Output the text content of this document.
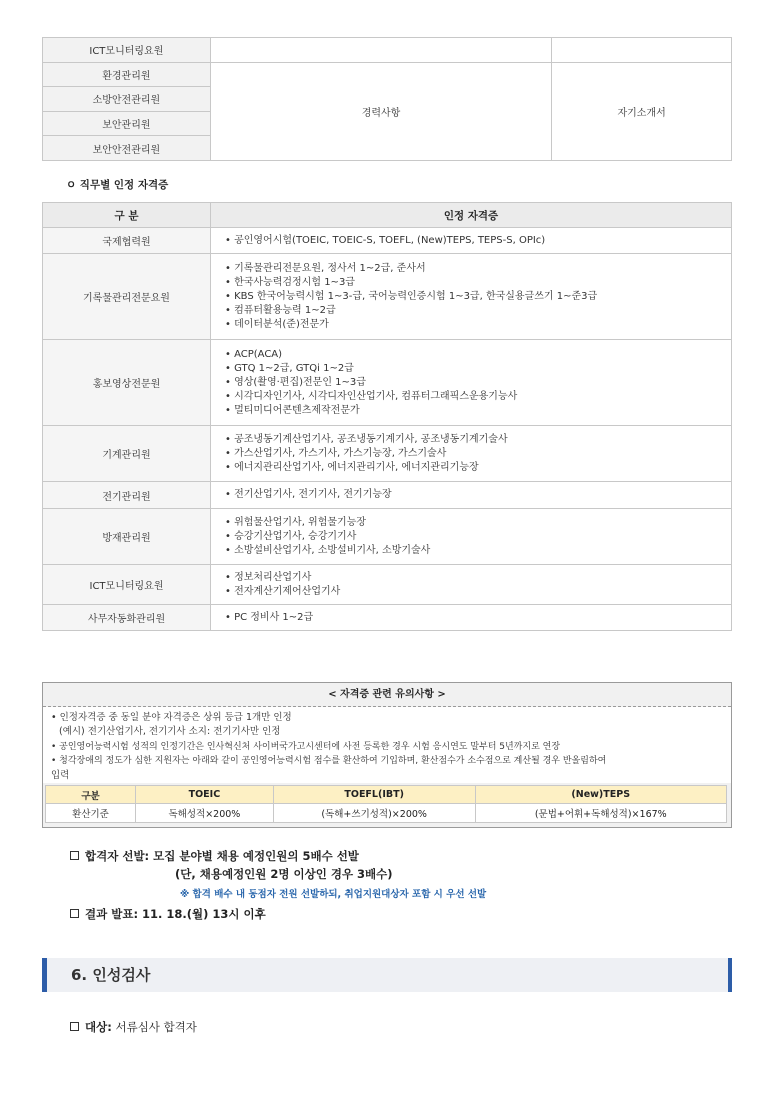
ICT모니터링요원		
환경관리원	경력사항	자기소개서
소방안전관리원		
보안관리원		
보안안전관리원		
ㅇ 직무별 인정 자격증
구 분	인정 자격증
국제협력원	• 공인영어시험(TOEIC, TOEIC-S, TOEFL, (New)TEPS, TEPS-S, OPIc)

기록물관리전문요원	• 기록물관리전문요원, 정사서 1~2급, 준사서
• 한국사능력검정시험 1~3급
• KBS 한국어능력시험 1~3-급, 국어능력인증시험 1~3급, 한국실용글쓰기 1~준3급
• 컴퓨터활용능력 1~2급
• 데이터분석(준)전문가

홍보영상전문원	• ACP(ACA)
• GTQ 1~2급, GTQi 1~2급
• 영상(촬영·편집)전문인 1~3급
• 시각디자인기사, 시각디자인산업기사, 컴퓨터그래픽스운용기능사
• 멀티미디어콘텐츠제작전문가

기계관리원	• 공조냉동기계산업기사, 공조냉동기계기사, 공조냉동기계기술사
• 가스산업기사, 가스기사, 가스기능장, 가스기술사
• 에너지관리산업기사, 에너지관리기사, 에너지관리기능장

전기관리원	• 전기산업기사, 전기기사, 전기기능장

방재관리원	• 위험물산업기사, 위험물기능장
• 승강기산업기사, 승강기기사
• 소방설비산업기사, 소방설비기사, 소방기술사

ICT모니터링요원	• 정보처리산업기사
• 전자계산기제어산업기사

사무자동화관리원	• PC 정비사 1~2급
< 자격증 관련 유의사항 >
• 인정자격증 중 동일 분야 자격증은 상위 등급 1개만 인정
(예시) 전기산업기사, 전기기사 소지: 전기기사만 인정
• 공인영어능력시험 성적의 인정기간은 인사혁신처 사이버국가고시센터에 사전 등록한 경우 시험 응시연도 말부터 5년까지로 연장
• 청각장애의 정도가 심한 지원자는 아래와 같이 공인영어능력시험 점수를 환산하여 기입하며, 환산점수가 소수점으로 계산될 경우 반올림하여
입력
구분	TOEIC	TOEFL(IBT)	(New)TEPS
환산기준	독해성적×200%	(독해+쓰기성적)×200%	(문법+어휘+독해성적)×167%
합격자 선발: 모집 분야별 채용 예정인원의 5배수 선발
(단, 채용예정인원 2명 이상인 경우 3배수)
※ 합격 배수 내 동점자 전원 선발하되, 취업지원대상자 포함 시 우선 선발
결과 발표: 11. 18.(월) 13시 이후
6. 인성검사
대상: 서류심사 합격자
